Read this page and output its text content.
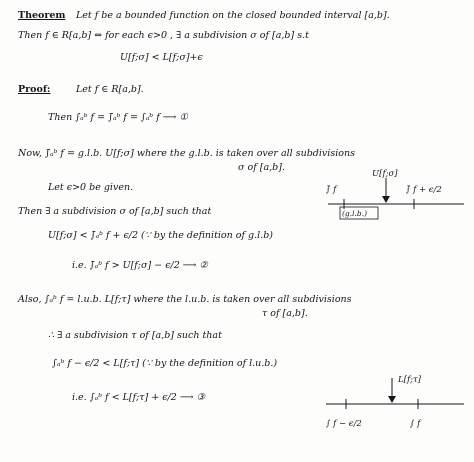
Theorem Let f be a bounded function on the closed bounded interval [a,b].
Then f ∈ R[a,b] ⇔ for each ϵ>0 , ∃ a subdivision σ of [a,b] s.t
U[f;σ] < L[f;σ]+ϵ
Proof:	Let f ∈ R[a,b].
Then ∫ₐᵇ f = ∫̄ₐᵇ f = ∫ₐᵇ f ⟶ ①
Now, ∫̄ₐᵇ f = g.l.b. U[f;σ] where the g.l.b. is taken over all subdivisions
σ of [a,b].
Let ϵ>0 be given.
Then ∃ a subdivision σ of [a,b] such that
U[f;σ] < ∫̄ₐᵇ f + ϵ/2 (∵ by the definition of g.l.b)
i.e. ∫̄ₐᵇ f > U[f;σ] − ϵ/2 ⟶ ②
Also, ∫ₐᵇ f = l.u.b. L[f;τ] where the l.u.b. is taken over all subdivisions
τ of [a,b].
∴ ∃ a subdivision τ of [a,b] such that
∫ₐᵇ f − ϵ/2 < L[f;τ] (∵ by the definition of l.u.b.)
i.e. ∫ₐᵇ f < L[f;τ] + ϵ/2 ⟶ ③
U[f;σ]
∫̄ f	∫̄ f + ϵ/2
(g.l.b.)
L[f;τ]
∫ f − ϵ/2	∫ f
